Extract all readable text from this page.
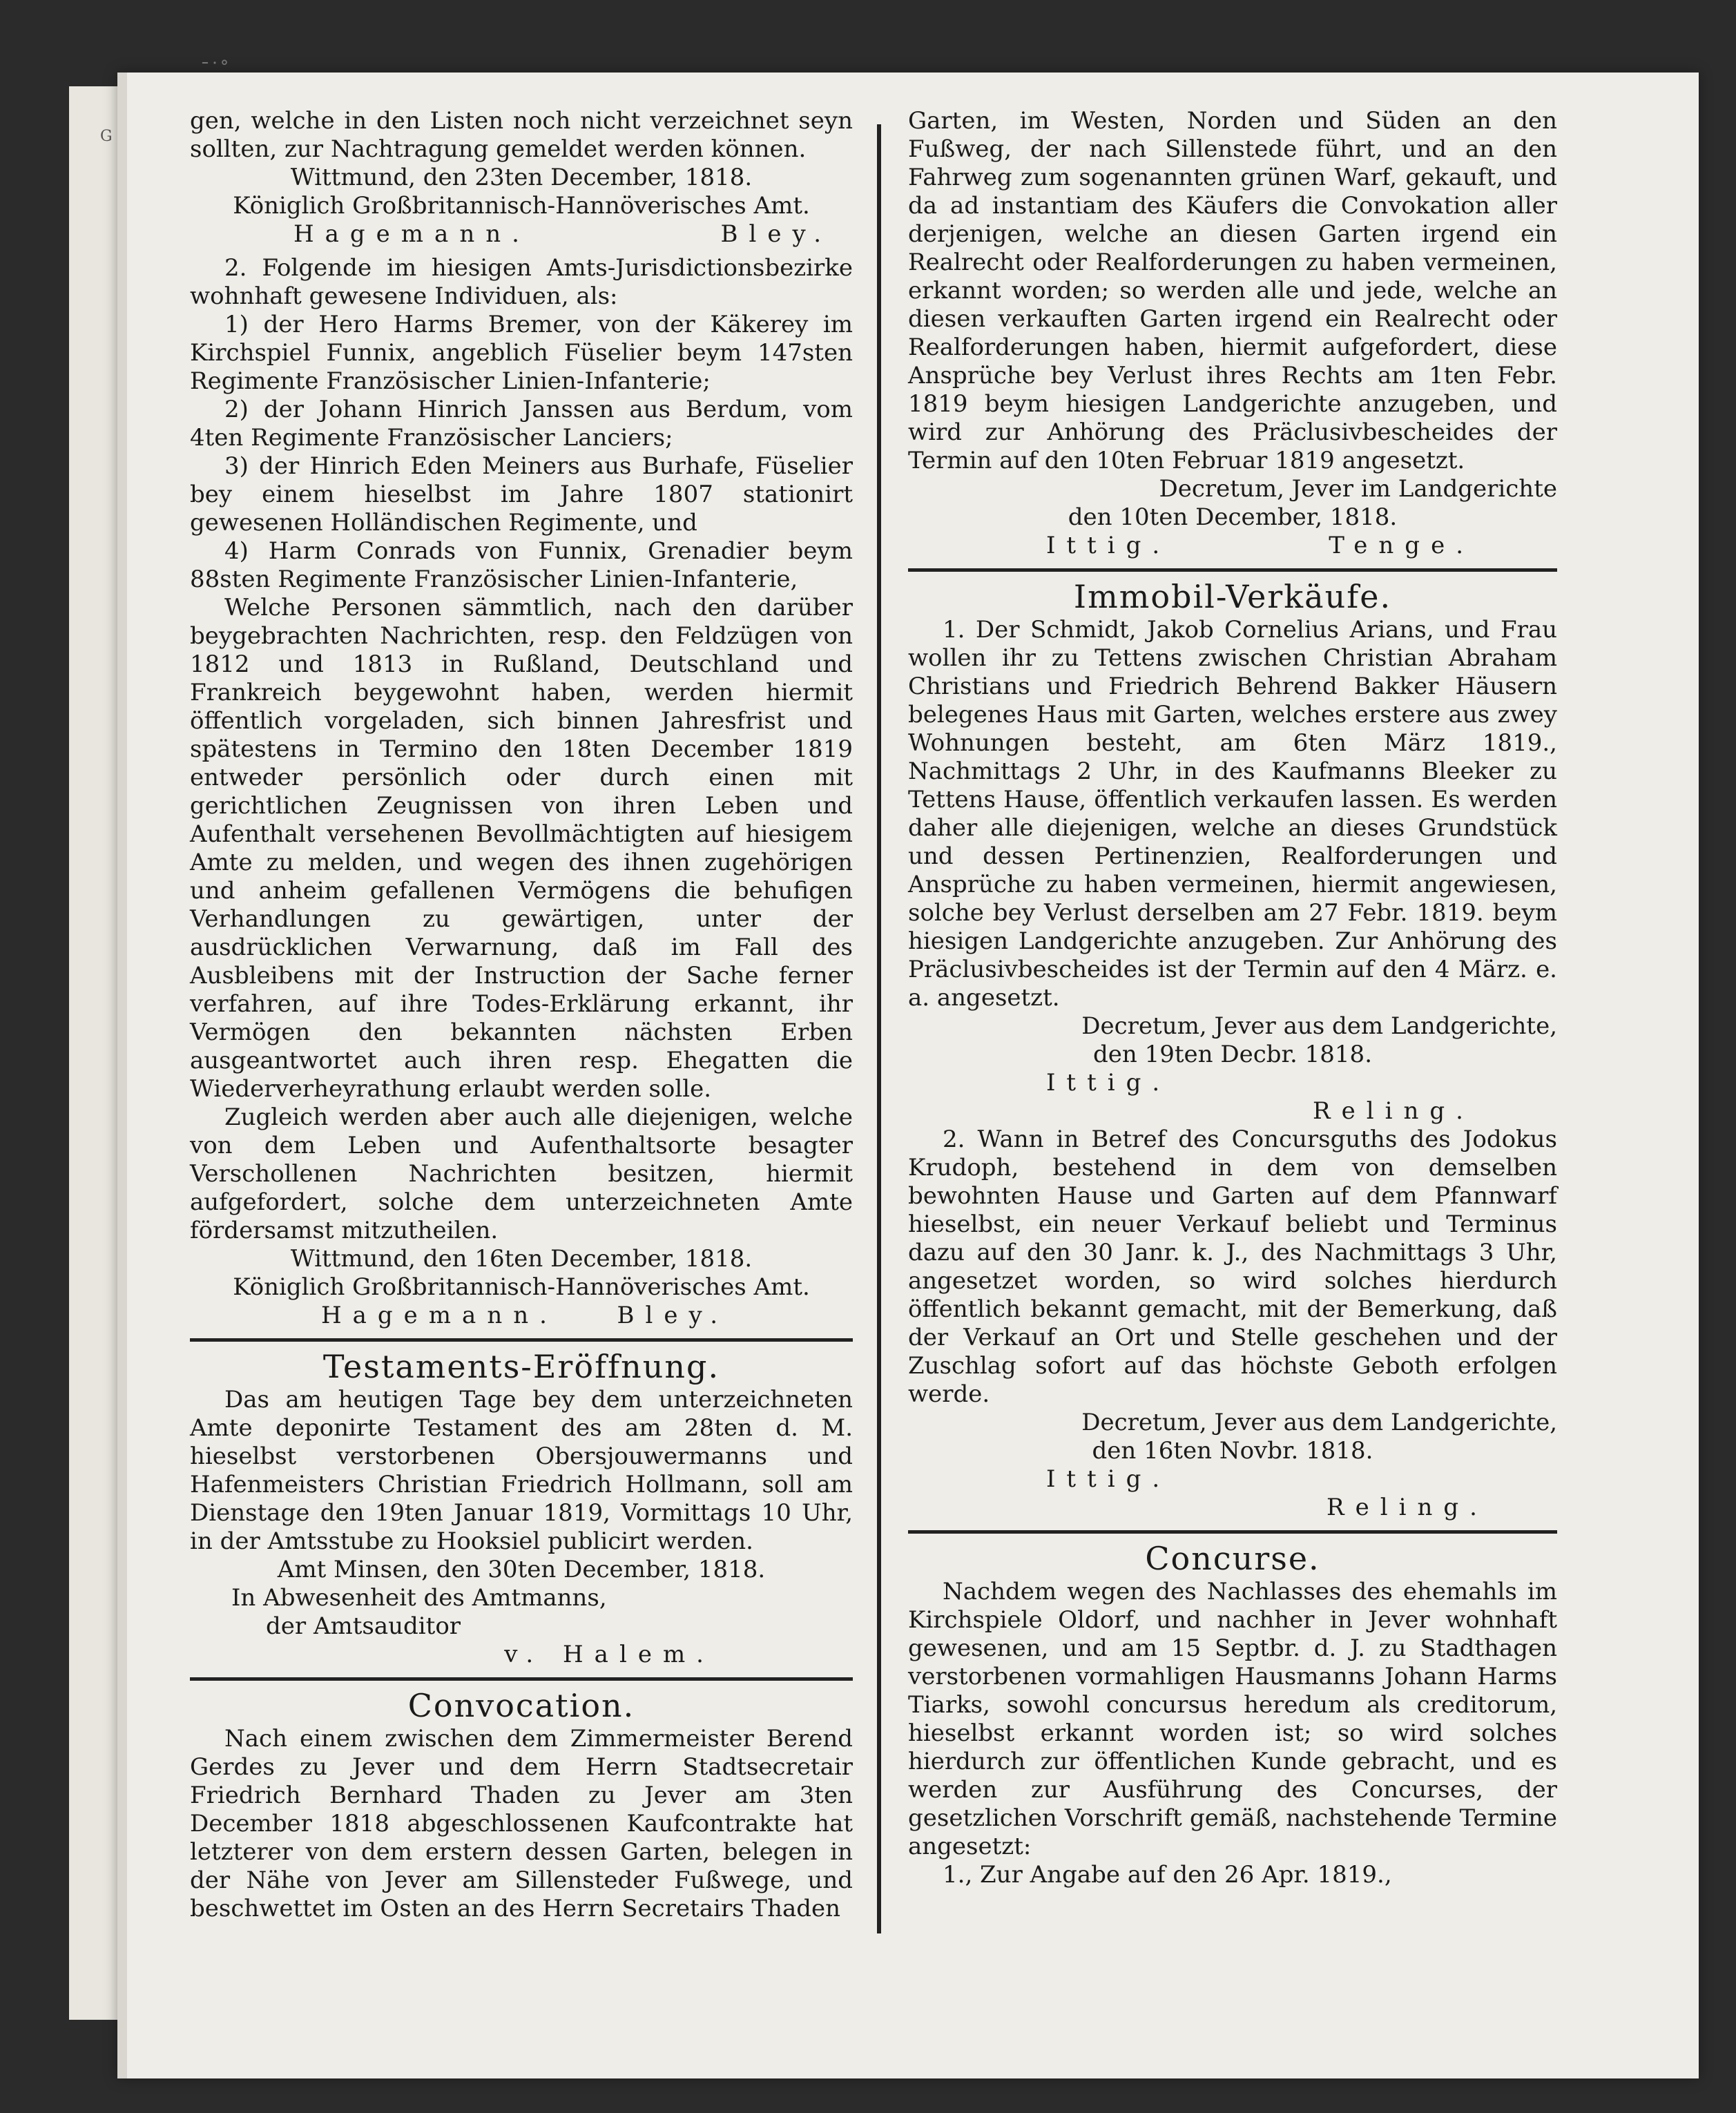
G
ˉ˙˚

gen, welche in den Listen noch nicht verzeichnet seyn sollten, zur Nachtragung gemeldet werden können.

Wittmund, den 23ten December, 1818.

Königlich Großbritannisch-Hannöverisches Amt.

Hagemann.	Bley.

2. Folgende im hiesigen Amts-Jurisdictionsbezirke wohnhaft gewesene Individuen, als:

1) der Hero Harms Bremer, von der Käkerey im Kirchspiel Funnix, angeblich Füselier beym 147sten Regimente Französischer Linien-Infanterie;

2) der Johann Hinrich Janssen aus Berdum, vom 4ten Regimente Französischer Lanciers;

3) der Hinrich Eden Meiners aus Burhafe, Füselier bey einem hieselbst im Jahre 1807 stationirt gewesenen Holländischen Regimente, und

4) Harm Conrads von Funnix, Grenadier beym 88sten Regimente Französischer Linien-Infanterie,

Welche Personen sämmtlich, nach den darüber beygebrachten Nachrichten, resp. den Feldzügen von 1812 und 1813 in Rußland, Deutschland und Frankreich beygewohnt haben, werden hiermit öffentlich vorgeladen, sich binnen Jahresfrist und spätestens in Termino den 18ten December 1819 entweder persönlich oder durch einen mit gerichtlichen Zeugnissen von ihren Leben und Aufenthalt versehenen Bevollmächtigten auf hiesigem Amte zu melden, und wegen des ihnen zugehörigen und anheim gefallenen Vermögens die behufigen Verhandlungen zu gewärtigen, unter der ausdrücklichen Verwarnung, daß im Fall des Ausbleibens mit der Instruction der Sache ferner verfahren, auf ihre Todes-Erklärung erkannt, ihr Vermögen den bekannten nächsten Erben ausgeantwortet auch ihren resp. Ehegatten die Wiederverheyrathung erlaubt werden solle.

Zugleich werden aber auch alle diejenigen, welche von dem Leben und Aufenthaltsorte besagter Verschollenen Nachrichten besitzen, hiermit aufgefordert, solche dem unterzeichneten Amte fördersamst mitzutheilen.

Wittmund, den 16ten December, 1818.

Königlich Großbritannisch-Hannöverisches Amt.

Hagemann.	Bley.
Testaments-Eröffnung.

Das am heutigen Tage bey dem unterzeichneten Amte deponirte Testament des am 28ten d. M. hieselbst verstorbenen Obersjouwermanns und Hafenmeisters Christian Friedrich Hollmann, soll am Dienstage den 19ten Januar 1819, Vormittags 10 Uhr, in der Amtsstube zu Hooksiel publicirt werden.

Amt Minsen, den 30ten December, 1818.

In Abwesenheit des Amtmanns,

der Amtsauditor

v. Halem.

Convocation.

Nach einem zwischen dem Zimmermeister Berend Gerdes zu Jever und dem Herrn Stadtsecretair Friedrich Bernhard Thaden zu Jever am 3ten December 1818 abgeschlossenen Kaufcontrakte hat letzterer von dem erstern dessen Garten, belegen in der Nähe von Jever am Sillensteder Fußwege, und beschwettet im Osten an des Herrn Secretairs Thaden

Garten, im Westen, Norden und Süden an den Fußweg, der nach Sillenstede führt, und an den Fahrweg zum sogenannten grünen Warf, gekauft, und da ad instantiam des Käufers die Convokation aller derjenigen, welche an diesen Garten irgend ein Realrecht oder Realforderungen zu haben vermeinen, erkannt worden; so werden alle und jede, welche an diesen verkauften Garten irgend ein Realrecht oder Realforderungen haben, hiermit aufgefordert, diese Ansprüche bey Verlust ihres Rechts am 1ten Febr. 1819 beym hiesigen Landgerichte anzugeben, und wird zur Anhörung des Präclusivbescheides der Termin auf den 10ten Februar 1819 angesetzt.

Decretum, Jever im Landgerichte

den 10ten December, 1818.

Ittig.	Tenge.
Immobil-Verkäufe.

1. Der Schmidt, Jakob Cornelius Arians, und Frau wollen ihr zu Tettens zwischen Christian Abraham Christians und Friedrich Behrend Bakker Häusern belegenes Haus mit Garten, welches erstere aus zwey Wohnungen besteht, am 6ten März 1819., Nachmittags 2 Uhr, in des Kaufmanns Bleeker zu Tettens Hause, öffentlich verkaufen lassen. Es werden daher alle diejenigen, welche an dieses Grundstück und dessen Pertinenzien, Realforderungen und Ansprüche zu haben vermeinen, hiermit angewiesen, solche bey Verlust derselben am 27 Febr. 1819. beym hiesigen Landgerichte anzugeben. Zur Anhörung des Präclusivbescheides ist der Termin auf den 4 März. e. a. angesetzt.

Decretum, Jever aus dem Landgerichte,

den 19ten Decbr. 1818.

Ittig.

Reling.

2. Wann in Betref des Concursguths des Jodokus Krudoph, bestehend in dem von demselben bewohnten Hause und Garten auf dem Pfannwarf hieselbst, ein neuer Verkauf beliebt und Terminus dazu auf den 30 Janr. k. J., des Nachmittags 3 Uhr, angesetzet worden, so wird solches hierdurch öffentlich bekannt gemacht, mit der Bemerkung, daß der Verkauf an Ort und Stelle geschehen und der Zuschlag sofort auf das höchste Geboth erfolgen werde.

Decretum, Jever aus dem Landgerichte,

den 16ten Novbr. 1818.

Ittig.

Reling.

Concurse.

Nachdem wegen des Nachlasses des ehemahls im Kirchspiele Oldorf, und nachher in Jever wohnhaft gewesenen, und am 15 Septbr. d. J. zu Stadthagen verstorbenen vormahligen Hausmanns Johann Harms Tiarks, sowohl concursus heredum als creditorum, hieselbst erkannt worden ist; so wird solches hierdurch zur öffentlichen Kunde gebracht, und es werden zur Ausführung des Concurses, der gesetzlichen Vorschrift gemäß, nachstehende Termine angesetzt:

1., Zur Angabe auf den 26 Apr. 1819.,
